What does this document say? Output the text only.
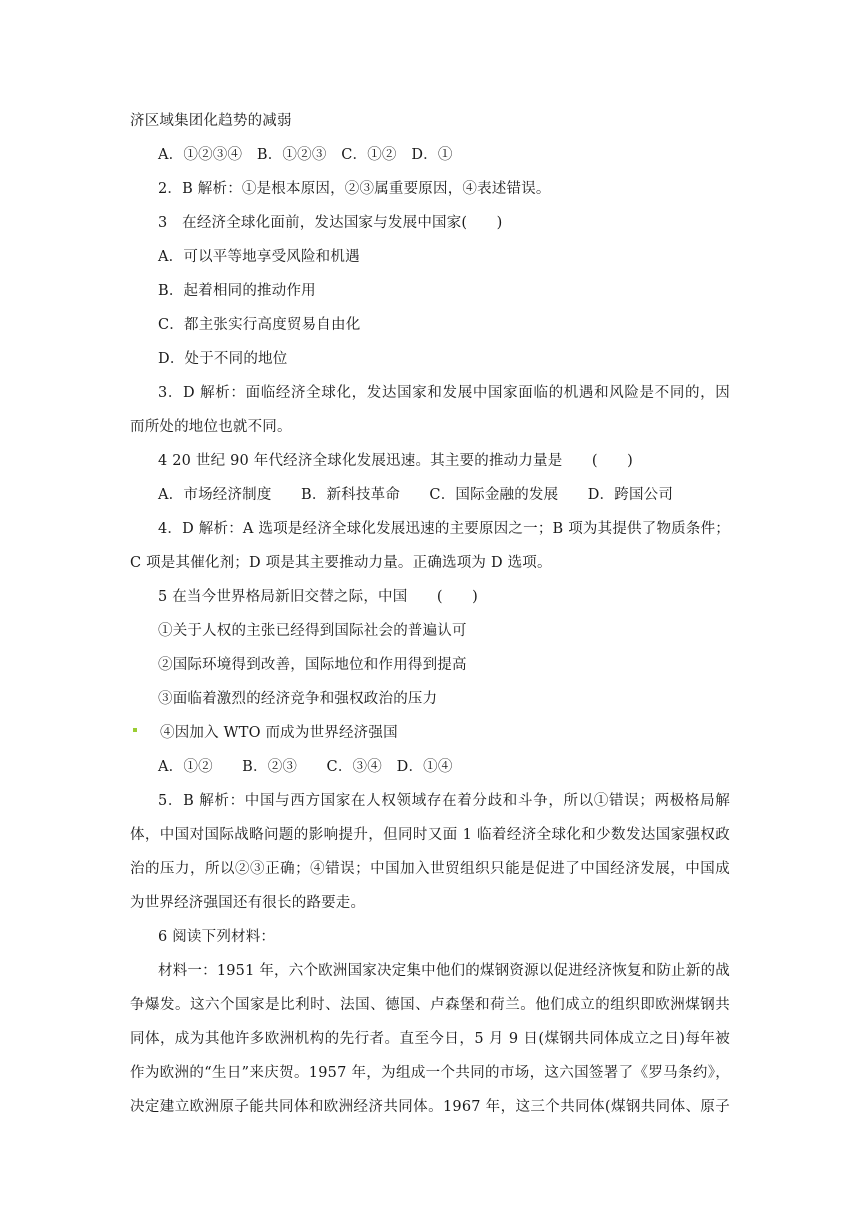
济区域集团化趋势的减弱
A．①②③④　B．①②③　C．①②　D．①
2．B 解析：①是根本原因，②③属重要原因，④表述错误。
3　在经济全球化面前，发达国家与发展中国家(　　)
A．可以平等地享受风险和机遇
B．起着相同的推动作用
C．都主张实行高度贸易自由化
D．处于不同的地位
3．D 解析：面临经济全球化，发达国家和发展中国家面临的机遇和风险是不同的，因
而所处的地位也就不同。
4 20 世纪 90 年代经济全球化发展迅速。其主要的推动力量是　　(　　)
A．市场经济制度　　B．新科技革命　　C．国际金融的发展　　D．跨国公司
4．D 解析：A 选项是经济全球化发展迅速的主要原因之一；B 项为其提供了物质条件；
C 项是其催化剂；D 项是其主要推动力量。正确选项为 D 选项。
5 在当今世界格局新旧交替之际，中国　　(　　)
①关于人权的主张已经得到国际社会的普遍认可
②国际环境得到改善，国际地位和作用得到提高
③面临着激烈的经济竞争和强权政治的压力
④因加入 WTO 而成为世界经济强国
A．①②　　B．②③　　C．③④　D．①④
5．B 解析：中国与西方国家在人权领域存在着分歧和斗争，所以①错误；两极格局解
体，中国对国际战略问题的影响提升，但同时又面 1 临着经济全球化和少数发达国家强权政
治的压力，所以②③正确；④错误；中国加入世贸组织只能是促进了中国经济发展，中国成
为世界经济强国还有很长的路要走。
6 阅读下列材料：
材料一：1951 年，六个欧洲国家决定集中他们的煤钢资源以促进经济恢复和防止新的战
争爆发。这六个国家是比利时、法国、德国、卢森堡和荷兰。他们成立的组织即欧洲煤钢共
同体，成为其他许多欧洲机构的先行者。直至今日，5 月 9 日(煤钢共同体成立之日)每年被
作为欧洲的“生日”来庆贺。1957 年，为组成一个共同的市场，这六国签署了《罗马条约》，
决定建立欧洲原子能共同体和欧洲经济共同体。1967 年，这三个共同体(煤钢共同体、原子
